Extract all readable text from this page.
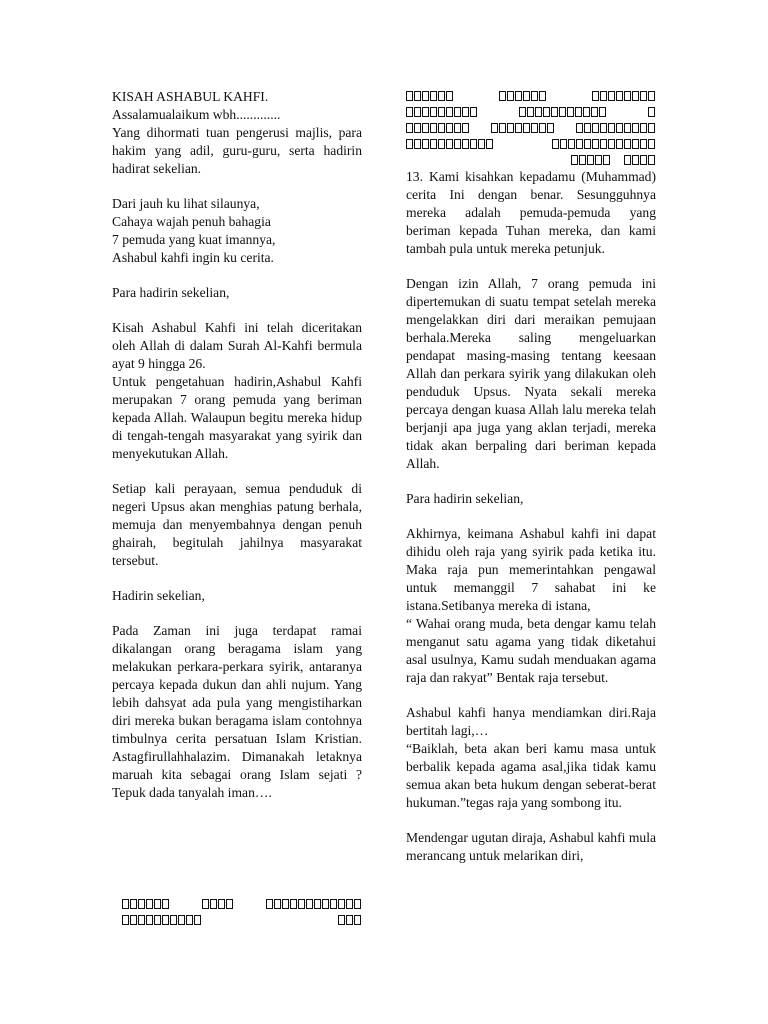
KISAH ASHABUL KAHFI.

Assalamualaikum wbh.............

Yang dihormati tuan pengerusi majlis, para hakim yang adil, guru-guru, serta hadirin hadirat sekelian.

Dari jauh ku lihat silaunya,
Cahaya wajah penuh bahagia
7 pemuda yang kuat imannya,
Ashabul kahfi ingin ku cerita.

Para hadirin sekelian,

Kisah Ashabul Kahfi ini telah diceritakan oleh Allah di dalam Surah Al-Kahfi bermula ayat 9 hingga 26.

Untuk pengetahuan hadirin,Ashabul Kahfi merupakan 7 orang pemuda yang beriman kepada Allah. Walaupun begitu mereka hidup di tengah-tengah masyarakat yang syirik dan menyekutukan Allah.

Setiap kali perayaan, semua penduduk di negeri Upsus akan menghias patung berhala, memuja dan menyembahnya dengan penuh ghairah, begitulah jahilnya masyarakat tersebut.

Hadirin sekelian,

Pada Zaman ini juga terdapat ramai dikalangan orang beragama islam yang melakukan perkara-perkara syirik, antaranya percaya kepada dukun dan ahli nujum. Yang lebih dahsyat ada pula yang mengistiharkan diri mereka bukan beragama islam contohnya timbulnya cerita persatuan Islam Kristian. Astagfirullahhalazim. Dimanakah letaknya maruah kita sebagai orang Islam sejati ? Tepuk dada tanyalah iman….

13. Kami kisahkan kepadamu (Muhammad) cerita Ini dengan benar. Sesungguhnya mereka adalah pemuda-pemuda yang beriman kepada Tuhan mereka, dan kami tambah pula untuk mereka petunjuk.

Dengan izin Allah, 7 orang pemuda ini dipertemukan di suatu tempat setelah mereka mengelakkan diri dari meraikan pemujaan berhala.Mereka saling mengeluarkan pendapat masing-masing tentang keesaan Allah dan perkara syirik yang dilakukan oleh penduduk Upsus. Nyata sekali mereka percaya dengan kuasa Allah lalu mereka telah berjanji apa juga yang aklan terjadi, mereka tidak akan berpaling dari beriman kepada Allah.

Para hadirin sekelian,

Akhirnya, keimana Ashabul kahfi ini dapat dihidu oleh raja yang syirik pada ketika itu. Maka raja pun memerintahkan pengawal untuk memanggil 7 sahabat ini ke istana.Setibanya mereka di istana,

“ Wahai orang muda, beta dengar kamu telah menganut satu agama yang tidak diketahui asal usulnya, Kamu sudah menduakan agama raja dan rakyat” Bentak raja tersebut.

Ashabul kahfi hanya mendiamkan diri.Raja bertitah lagi,…

“Baiklah, beta akan beri kamu masa untuk berbalik kepada agama asal,jika tidak kamu semua akan beta hukum dengan seberat-berat hukuman.”tegas raja yang sombong itu.

Mendengar ugutan diraja, Ashabul kahfi mula merancang untuk melarikan diri,
